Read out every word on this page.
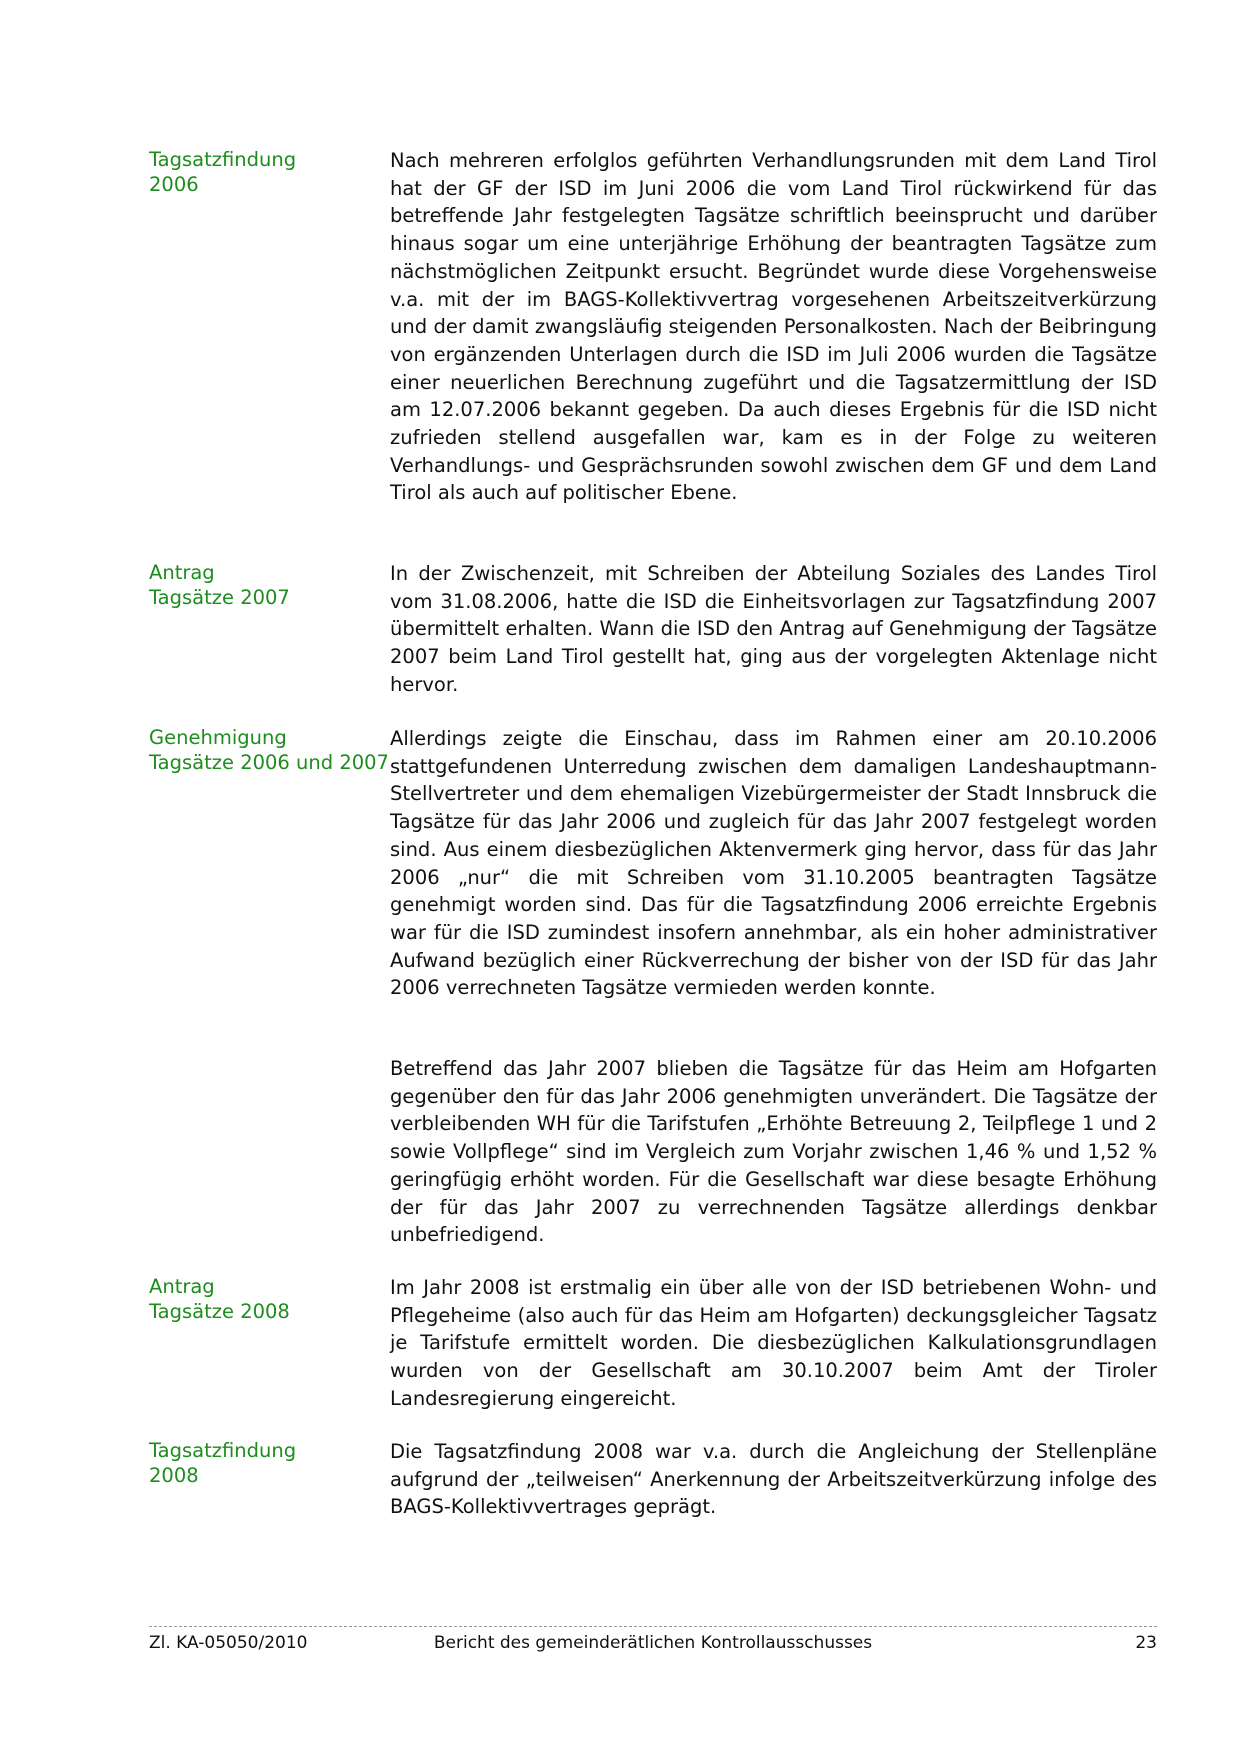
Tagsatzfindung
2006

Nach mehreren erfolglos geführten Verhandlungsrunden mit dem Land Tirol hat der GF der ISD im Juni 2006 die vom Land Tirol rückwirkend für das betreffende Jahr festgelegten Tagsätze schriftlich beeinsprucht und darüber hinaus sogar um eine unterjährige Erhöhung der beantragten Tagsätze zum nächstmöglichen Zeitpunkt ersucht. Begründet wurde diese Vorgehensweise v.a. mit der im BAGS-Kollektivvertrag vorgesehenen Arbeitszeitverkürzung und der damit zwangsläufig steigenden Personalkosten. Nach der Beibringung von ergänzenden Unterlagen durch die ISD im Juli 2006 wurden die Tagsätze einer neuerlichen Berechnung zugeführt und die Tagsatzermittlung der ISD am 12.07.2006 bekannt gegeben. Da auch dieses Ergebnis für die ISD nicht zufrieden stellend ausgefallen war, kam es in der Folge zu weiteren Verhandlungs- und Gesprächsrunden sowohl zwischen dem GF und dem Land Tirol als auch auf politischer Ebene.

Antrag
Tagsätze 2007

In der Zwischenzeit, mit Schreiben der Abteilung Soziales des Landes Tirol vom 31.08.2006, hatte die ISD die Einheitsvorlagen zur Tagsatzfindung 2007 übermittelt erhalten. Wann die ISD den Antrag auf Genehmigung der Tagsätze 2007 beim Land Tirol gestellt hat, ging aus der vorgelegten Aktenlage nicht hervor.

Genehmigung
Tagsätze 2006 und 2007

Allerdings zeigte die Einschau, dass im Rahmen einer am 20.10.2006 stattgefundenen Unterredung zwischen dem damaligen Landeshauptmann-Stellvertreter und dem ehemaligen Vizebürgermeister der Stadt Innsbruck die Tagsätze für das Jahr 2006 und zugleich für das Jahr 2007 festgelegt worden sind. Aus einem diesbezüglichen Aktenvermerk ging hervor, dass für das Jahr 2006 „nur“ die mit Schreiben vom 31.10.2005 beantragten Tagsätze genehmigt worden sind. Das für die Tagsatzfindung 2006 erreichte Ergebnis war für die ISD zumindest insofern annehmbar, als ein hoher administrativer Aufwand bezüglich einer Rückverrechung der bisher von der ISD für das Jahr 2006 verrechneten Tagsätze vermieden werden konnte.

Betreffend das Jahr 2007 blieben die Tagsätze für das Heim am Hofgarten gegenüber den für das Jahr 2006 genehmigten unverändert. Die Tagsätze der verbleibenden WH für die Tarifstufen „Erhöhte Betreuung 2, Teilpflege 1 und 2 sowie Vollpflege“ sind im Vergleich zum Vorjahr zwischen 1,46 % und 1,52 % geringfügig erhöht worden. Für die Gesellschaft war diese besagte Erhöhung der für das Jahr 2007 zu verrechnenden Tagsätze allerdings denkbar unbefriedigend.

Antrag
Tagsätze 2008

Im Jahr 2008 ist erstmalig ein über alle von der ISD betriebenen Wohn- und Pflegeheime (also auch für das Heim am Hofgarten) deckungsgleicher Tagsatz je Tarifstufe ermittelt worden. Die diesbezüglichen Kalkulationsgrundlagen wurden von der Gesellschaft am 30.10.2007 beim Amt der Tiroler Landesregierung eingereicht.

Tagsatzfindung
2008

Die Tagsatzfindung 2008 war v.a. durch die Angleichung der Stellenpläne aufgrund der „teilweisen“ Anerkennung der Arbeitszeitverkürzung infolge des BAGS-Kollektivvertrages geprägt.

Zl. KA-05050/2010	Bericht des gemeinderätlichen Kontrollausschusses	23
